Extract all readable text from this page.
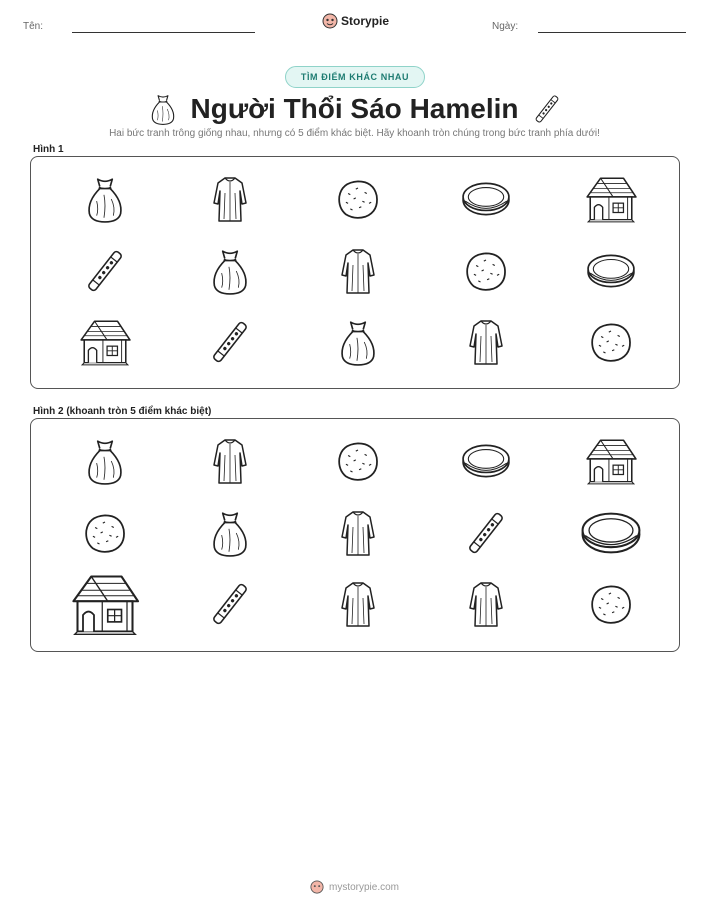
Tên:	Storypie	Ngày:
TÌM ĐIỂM KHÁC NHAU
Người Thổi Sáo Hamelin
Hai bức tranh trông giống nhau, nhưng có 5 điểm khác biệt. Hãy khoanh tròn chúng trong bức tranh phía dưới!
Hình 1
Hình 2 (khoanh tròn 5 điểm khác biệt)
mystorypie.com
